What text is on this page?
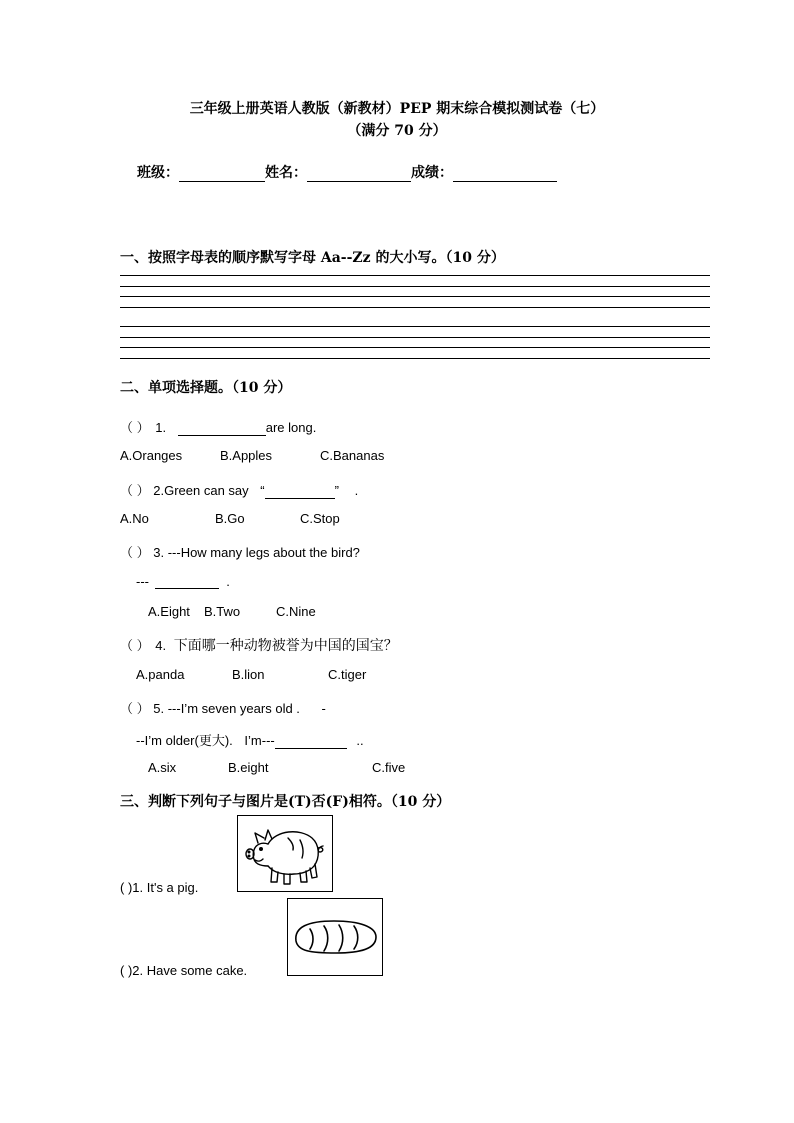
三年级上册英语人教版（新教材）PEP 期末综合模拟测试卷（七）
（满分 70 分）
班级：	姓名：	成绩：
一、按照字母表的顺序默写字母 Aa--Zz 的大小写。（10 分）
二、单项选择题。（10 分）
（ ） 1.	are long.
A.Oranges	B.Apples	C.Bananas
（ ） 2.Green can say “	” .
A.No	B.Go	C.Stop
（ ） 3. ---How many legs about the bird?
---	.
A.Eight B.Two	C.Nine
（ ） 4. 下面哪一种动物被誉为中国的国宝？
A.panda	B.lion	C.tiger
（ ） 5. ---I’m seven years old . -
--I’m older(更大). I’m---	..
A.six	B.eight	C.five
三、判断下列句子与图片是(T)否(F)相符。（10 分）
( )1. It's a pig.
( )2. Have some cake.
